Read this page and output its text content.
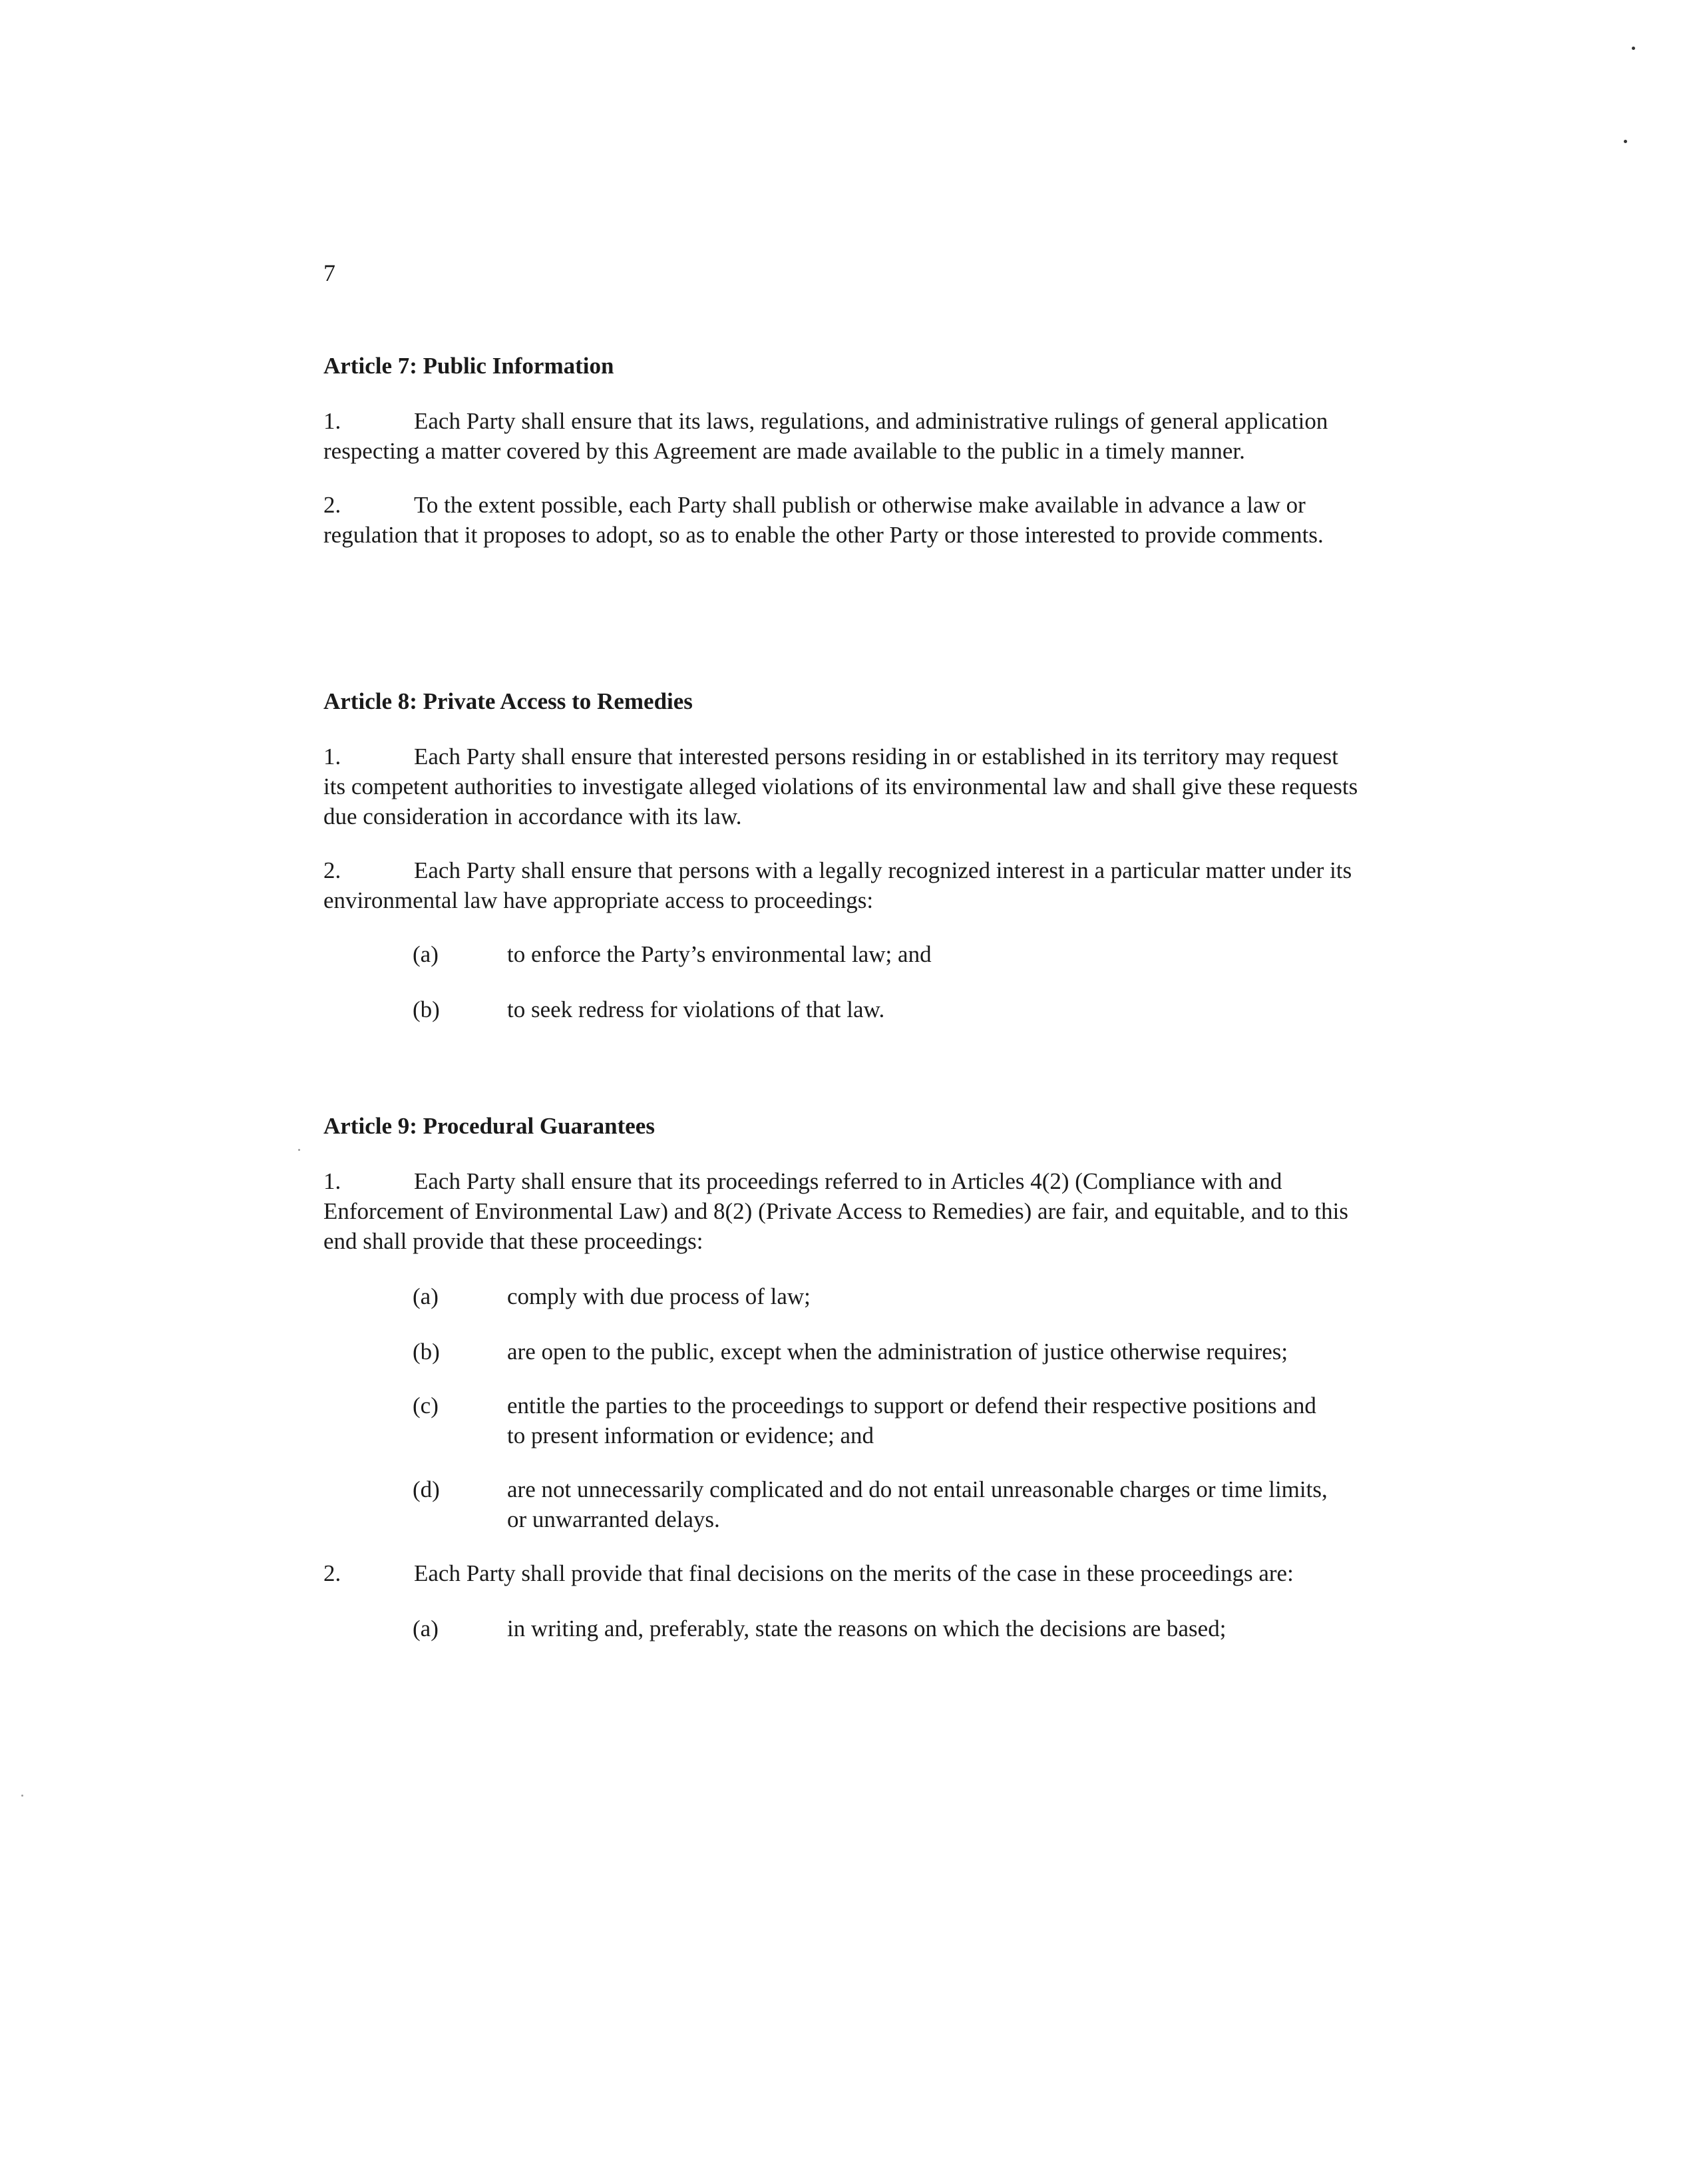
7

Article 7: Public Information

1.	Each Party shall ensure that its laws, regulations, and administrative rulings of general application respecting a matter covered by this Agreement are made available to the public in a timely manner.

2.	To the extent possible, each Party shall publish or otherwise make available in advance a law or regulation that it proposes to adopt, so as to enable the other Party or those interested to provide comments.

Article 8: Private Access to Remedies

1.	Each Party shall ensure that interested persons residing in or established in its territory may request its competent authorities to investigate alleged violations of its environmental law and shall give these requests due consideration in accordance with its law.

2.	Each Party shall ensure that persons with a legally recognized interest in a particular matter under its environmental law have appropriate access to proceedings:

(a)	to enforce the Party’s environmental law; and

(b)	to seek redress for violations of that law.

Article 9: Procedural Guarantees

1.	Each Party shall ensure that its proceedings referred to in Articles 4(2) (Compliance with and Enforcement of Environmental Law) and 8(2) (Private Access to Remedies) are fair, and equitable, and to this end shall provide that these proceedings:

(a)	comply with due process of law;

(b)	are open to the public, except when the administration of justice otherwise requires;

(c)	entitle the parties to the proceedings to support or defend their respective positions and to present information or evidence; and

(d)	are not unnecessarily complicated and do not entail unreasonable charges or time limits, or unwarranted delays.

2.	Each Party shall provide that final decisions on the merits of the case in these proceedings are:

(a)	in writing and, preferably, state the reasons on which the decisions are based;
